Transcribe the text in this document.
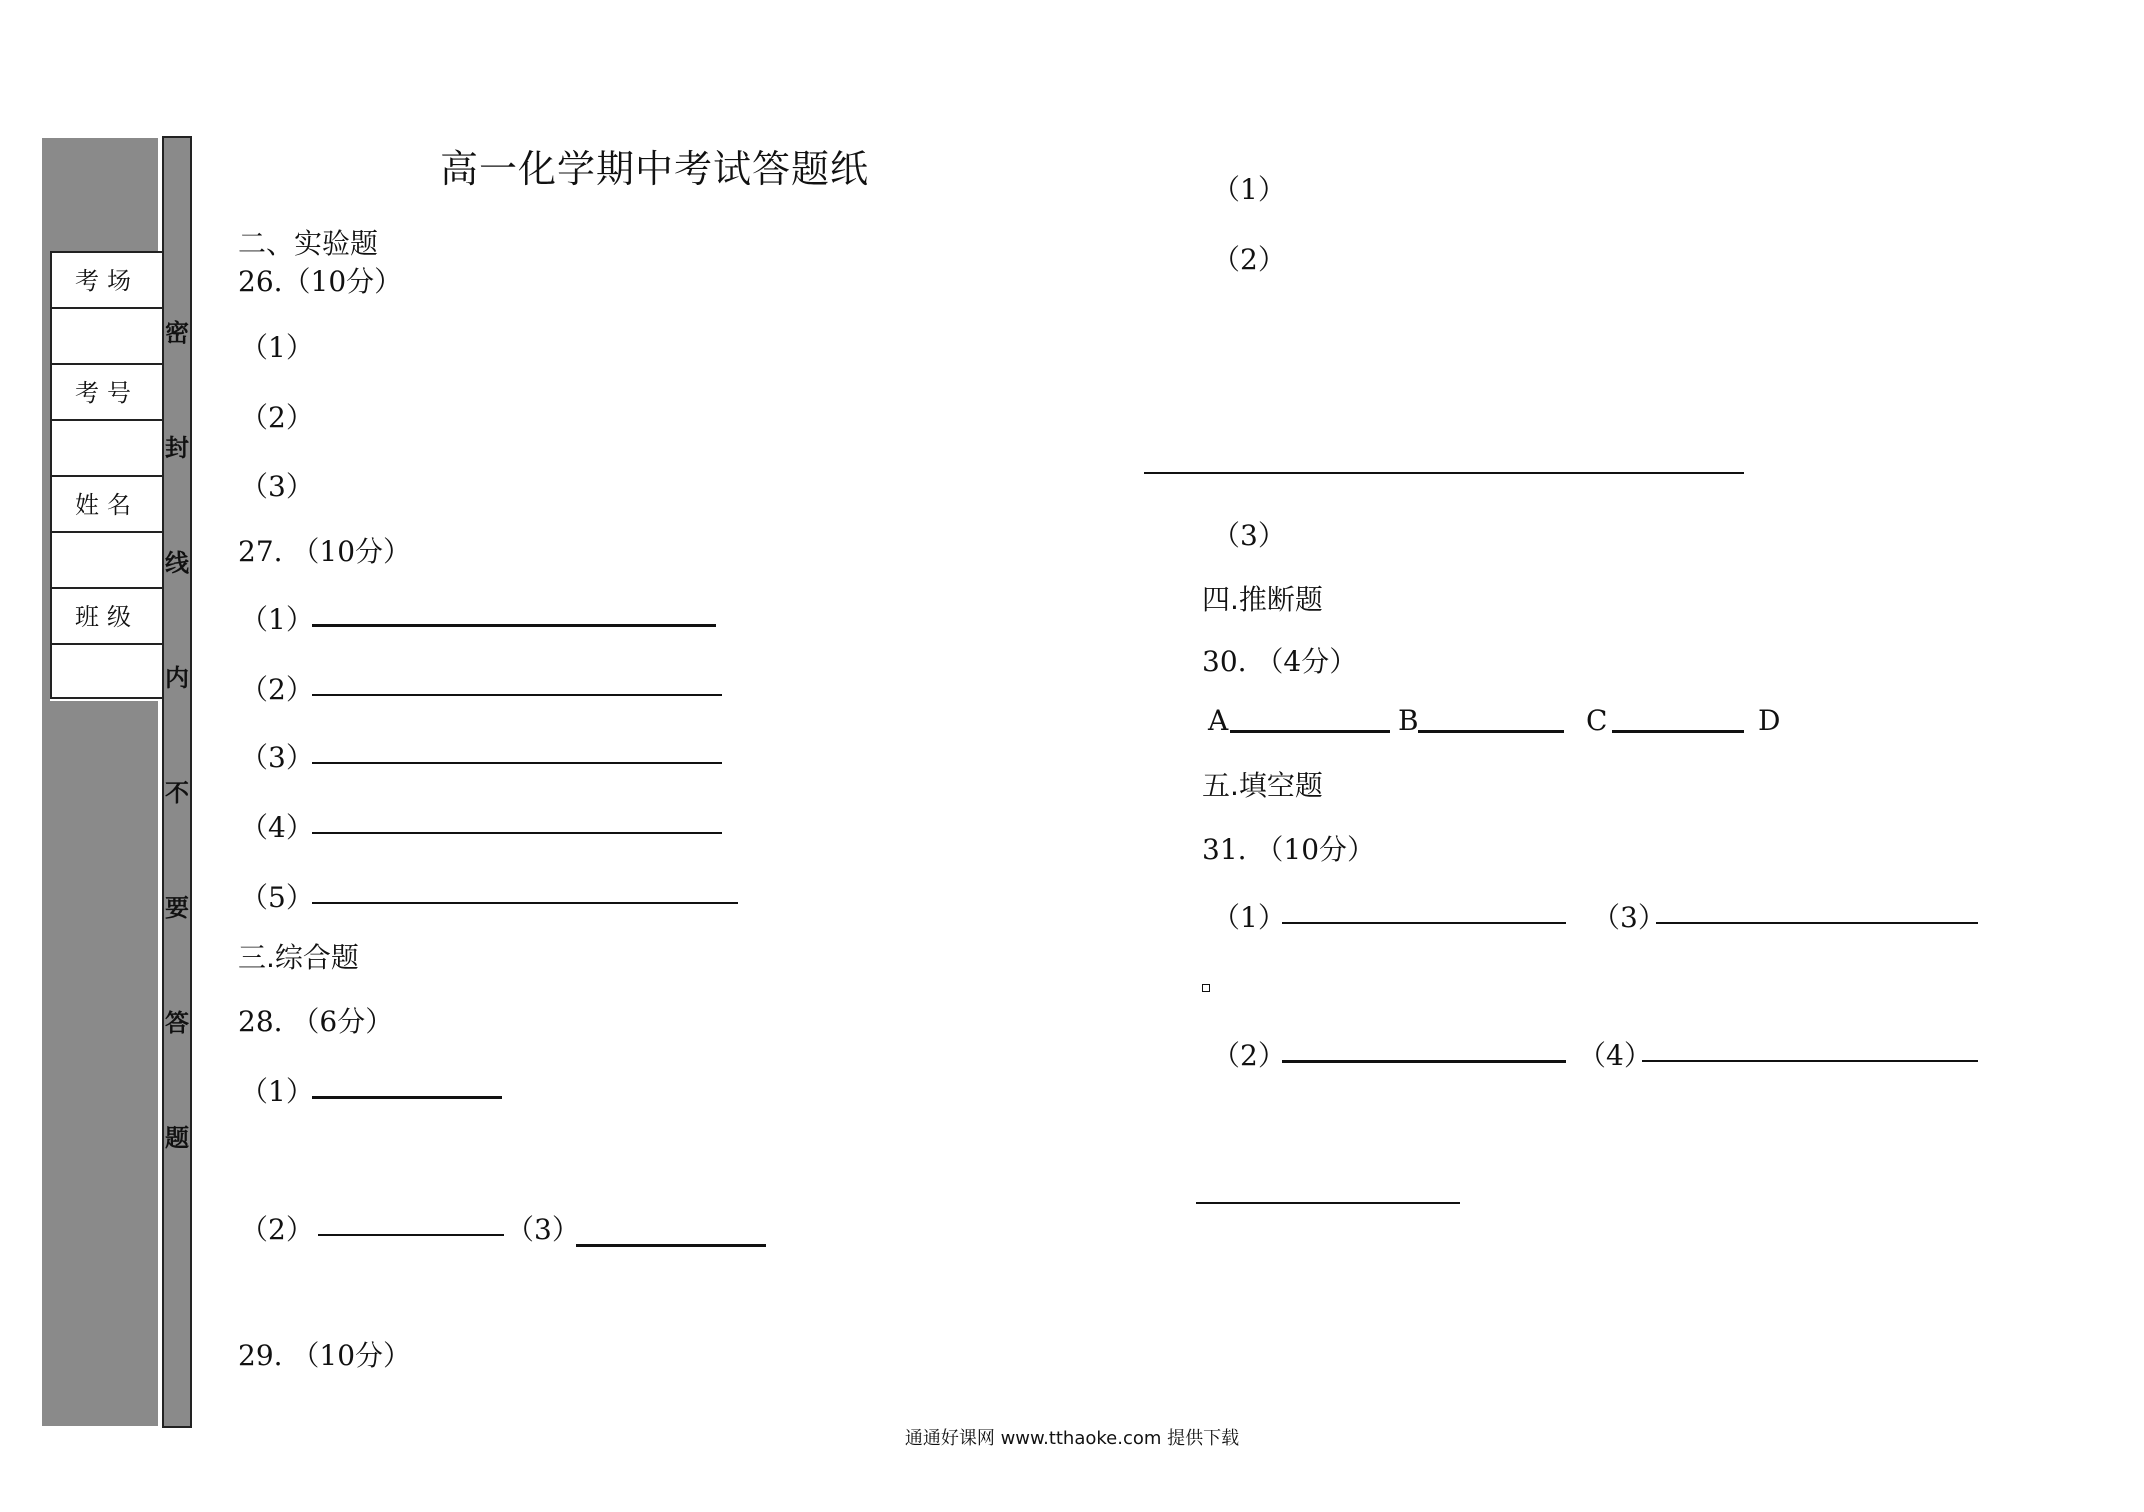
密
封
线
内
不
要
答
题
考场
考号
姓名
班级
高一化学期中考试答题纸
二、实验题
26.（10分）
（1）
（2）
（3）
27. （10分）
（1）
（2）
（3）
（4）
（5）
三.综合题
28. （6分）
（1）
（2）	（3）
29. （10分）
（1）
（2）
（3）
四.推断题
30. （4分）
A	B	C	D
五.填空题
31. （10分）
（1）	（3）
（2）	（4）
通通好课网 www.tthaoke.com 提供下载
